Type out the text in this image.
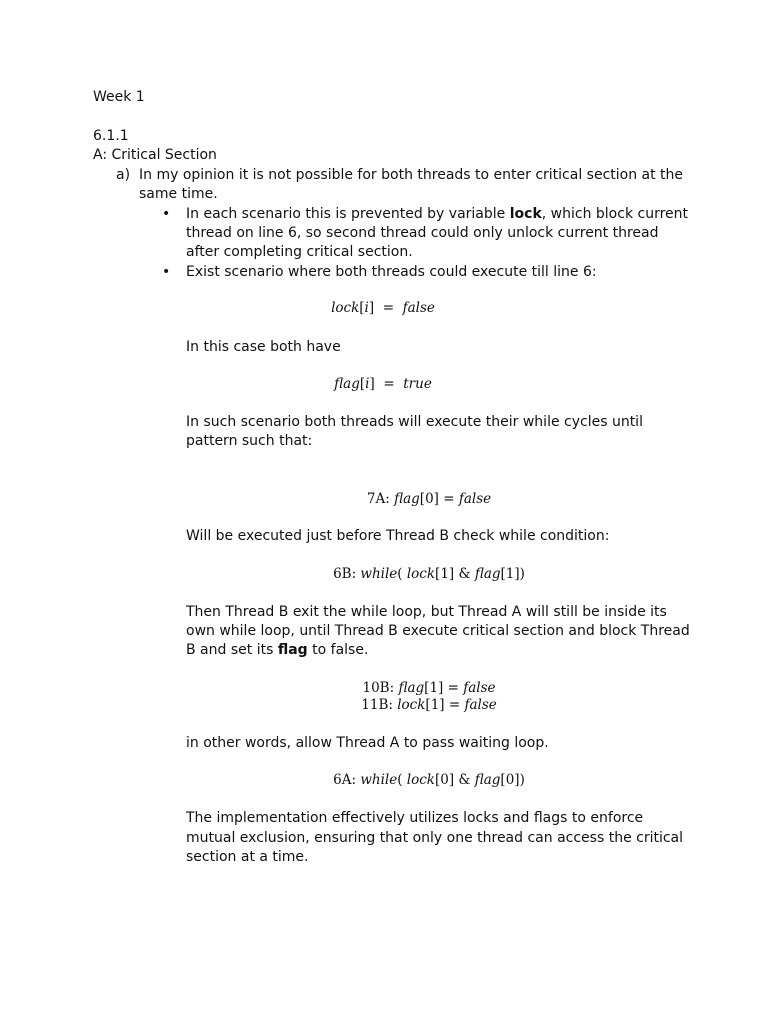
Week 1
6.1.1
A: Critical Section
a) In my opinion it is not possible for both threads to enter critical section at the
same time.
• In each scenario this is prevented by variable lock, which block current
thread on line 6, so second thread could only unlock current thread
after completing critical section.
• Exist scenario where both threads could execute till line 6:
lock[i]  = false
In this case both have
flag[i]  = true
In such scenario both threads will execute their while cycles until
pattern such that:
7A: flag[0] = false
Will be executed just before Thread B check while condition:
6B: while( lock[1] & flag[1])
Then Thread B exit the while loop, but Thread A will still be inside its
own while loop, until Thread B execute critical section and block Thread
B and set its flag to false.
10B: flag[1] = false
11B: lock[1] = false
in other words, allow Thread A to pass waiting loop.
6A: while( lock[0] & flag[0])
The implementation effectively utilizes locks and flags to enforce
mutual exclusion, ensuring that only one thread can access the critical
section at a time.
